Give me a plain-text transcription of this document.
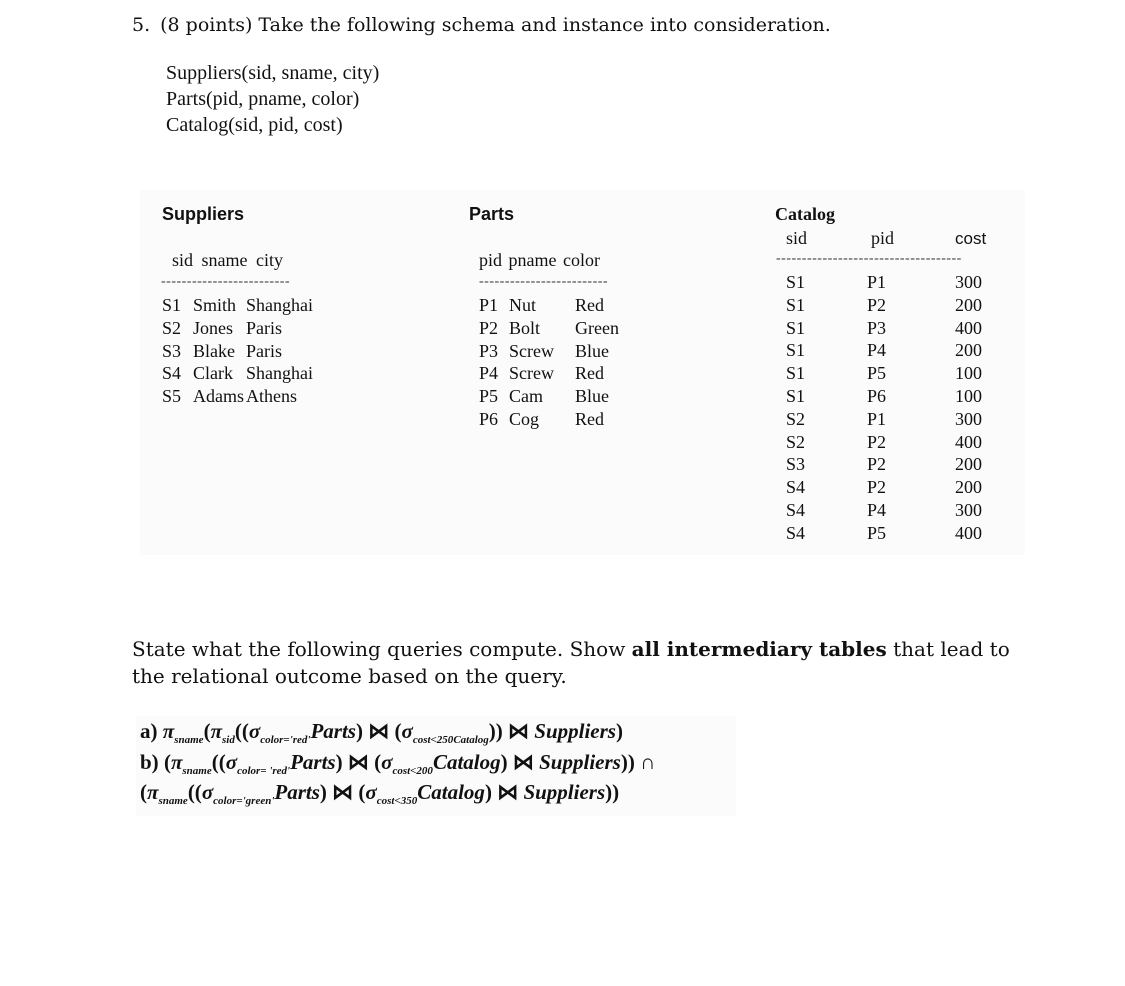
5. (8 points) Take the following schema and instance into consideration.
Suppliers(sid, sname, city)
Parts(pid, pname, color)
Catalog(sid, pid, cost)
Suppliers
sid sname city
-------------------------
S1
S2
S3
S4
S5
Smith
Jones
Blake
Clark
Adams
Shanghai
Paris
Paris
Shanghai
Athens
Parts
pid pname color
-------------------------
P1
P2
P3
P4
P5
P6
Nut
Bolt
Screw
Screw
Cam
Cog
Red
Green
Blue
Red
Blue
Red
Catalog
sid	pid	cost
------------------------------------
S1
S1
S1
S1
S1
S1
S2
S2
S3
S4
S4
S4
P1
P2
P3
P4
P5
P6
P1
P2
P2
P2
P4
P5
300
200
400
200
100
100
300
400
200
200
300
400
State what the following queries compute. Show all intermediary tables that lead to the relational outcome based on the query.
a) $\pi_{sname}(\pi_{sid}((\sigma_{color='red'}Parts)$ ⋈ $(\sigma_{cost<250Catalog})$) ⋈ Suppliers)
b) ($\pi_{sname}((\sigma_{color= 'red'}Parts)$ ⋈ $(\sigma_{cost<200}Catalog)$ ⋈ Suppliers)) ∩
($\pi_{sname}((\sigma_{color='green'}Parts)$ ⋈ $(\sigma_{cost<350}Catalog)$ ⋈ Suppliers))
